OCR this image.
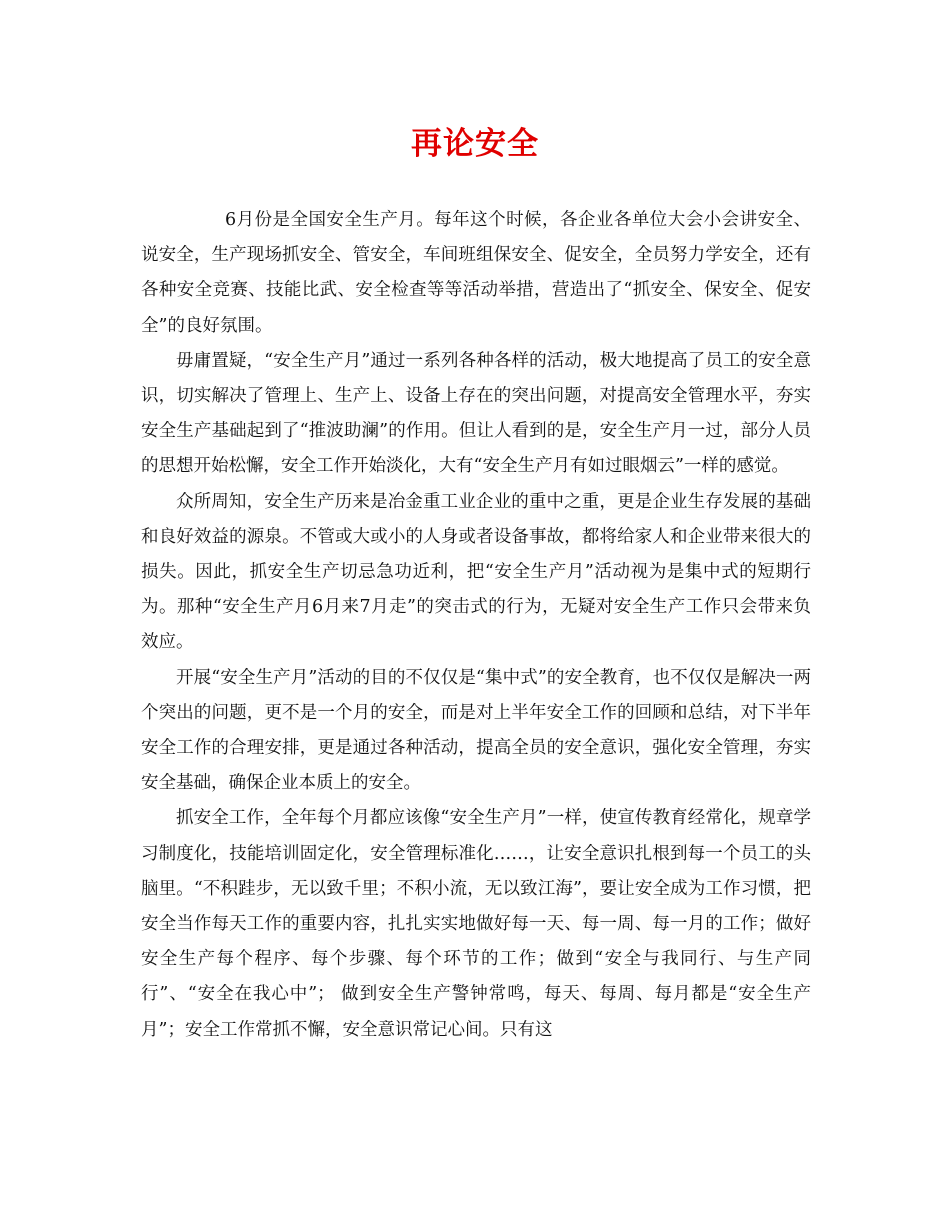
再论安全

6月份是全国安全生产月。每年这个时候，各企业各单位大会小会讲安全、说安全，生产现场抓安全、管安全，车间班组保安全、促安全，全员努力学安全，还有各种安全竞赛、技能比武、安全检查等等活动举措，营造出了“抓安全、保安全、促安全”的良好氛围。

毋庸置疑，“安全生产月”通过一系列各种各样的活动，极大地提高了员工的安全意识，切实解决了管理上、生产上、设备上存在的突出问题，对提高安全管理水平，夯实安全生产基础起到了“推波助澜”的作用。但让人看到的是，安全生产月一过，部分人员的思想开始松懈，安全工作开始淡化，大有“安全生产月有如过眼烟云”一样的感觉。

众所周知，安全生产历来是冶金重工业企业的重中之重，更是企业生存发展的基础和良好效益的源泉。不管或大或小的人身或者设备事故，都将给家人和企业带来很大的损失。因此，抓安全生产切忌急功近利，把“安全生产月”活动视为是集中式的短期行为。那种“安全生产月6月来7月走”的突击式的行为，无疑对安全生产工作只会带来负效应。

开展“安全生产月”活动的目的不仅仅是“集中式”的安全教育，也不仅仅是解决一两个突出的问题，更不是一个月的安全，而是对上半年安全工作的回顾和总结，对下半年安全工作的合理安排，更是通过各种活动，提高全员的安全意识，强化安全管理，夯实安全基础，确保企业本质上的安全。

抓安全工作，全年每个月都应该像“安全生产月”一样，使宣传教育经常化，规章学习制度化，技能培训固定化，安全管理标准化……，让安全意识扎根到每一个员工的头脑里。“不积跬步，无以致千里；不积小流，无以致江海”，要让安全成为工作习惯，把安全当作每天工作的重要内容，扎扎实实地做好每一天、每一周、每一月的工作；做好安全生产每个程序、每个步骤、每个环节的工作；做到“安全与我同行、与生产同行”、“安全在我心中”； 做到安全生产警钟常鸣，每天、每周、每月都是“安全生产月”；安全工作常抓不懈，安全意识常记心间。只有这
